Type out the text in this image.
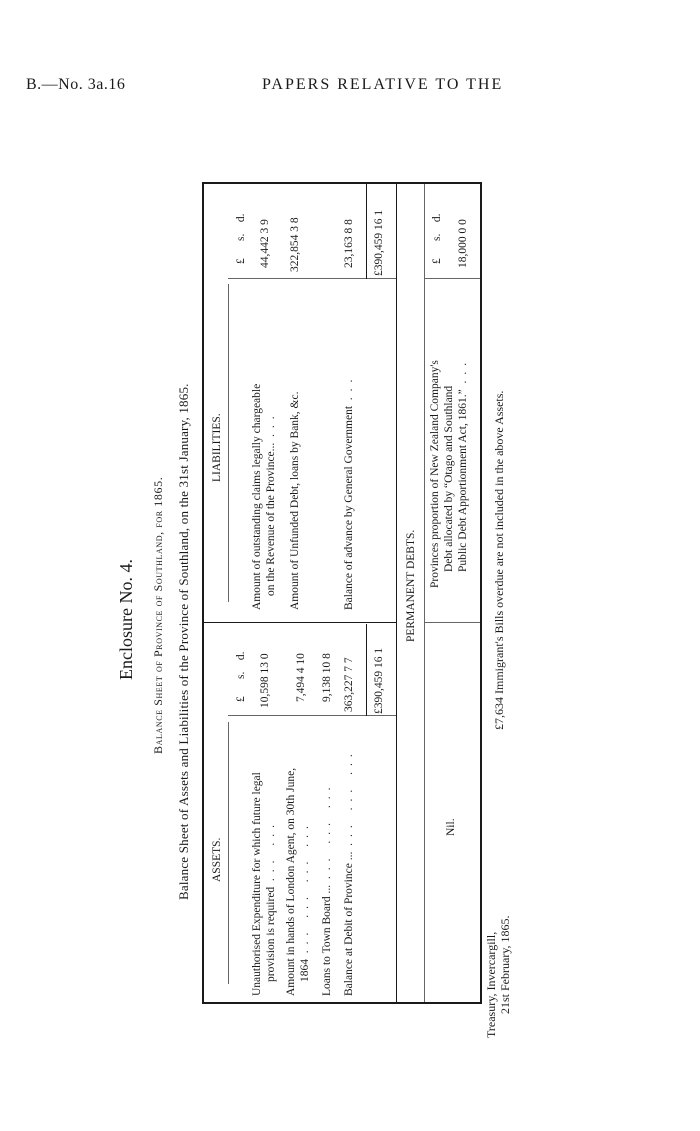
B.—No. 3a.16	PAPERS RELATIVE TO THE
Enclosure No. 4. Balance Sheet of Province of Southland, for 1865. Balance Sheet of Assets and Liabilities of the Province of Southland, on the 31st January, 1865. ASSETS.
LIABILITIES.
£      s.    d.
£      s.    d.
Unauthorised Expenditure for which future legal provision is required  ... ...
10,598 13 0
Amount in hands of London Agent, on 30th June, 1864  ... ... ... ...
7,494 4 10
Loans to Town Board ...  ... ... ...
9,138 10 8
Balance at Debit of Province ...  ... ... ...
363,227 7 7 £390,459 16 1
Amount of outstanding claims legally chargeable on the Revenue of the Province...  ...
44,442 3 9
Amount of Unfunded Debt, loans by Bank, &c.
322,854 3 8
Balance of advance by General Government  ...
23,163 8 8 £390,459 16 1
PERMANENT DEBTS.
Nil.
Provinces proportion of New Zealand Company's Debt allocated by “Otago and Southland Public Debt Apportionment Act, 1861.”  ...
£      s.    d.
18,000 0 0
Treasury, Invercargill, 21st February, 1865.
£7,634 Immigrant's Bills overdue are not included in the above Assets.
